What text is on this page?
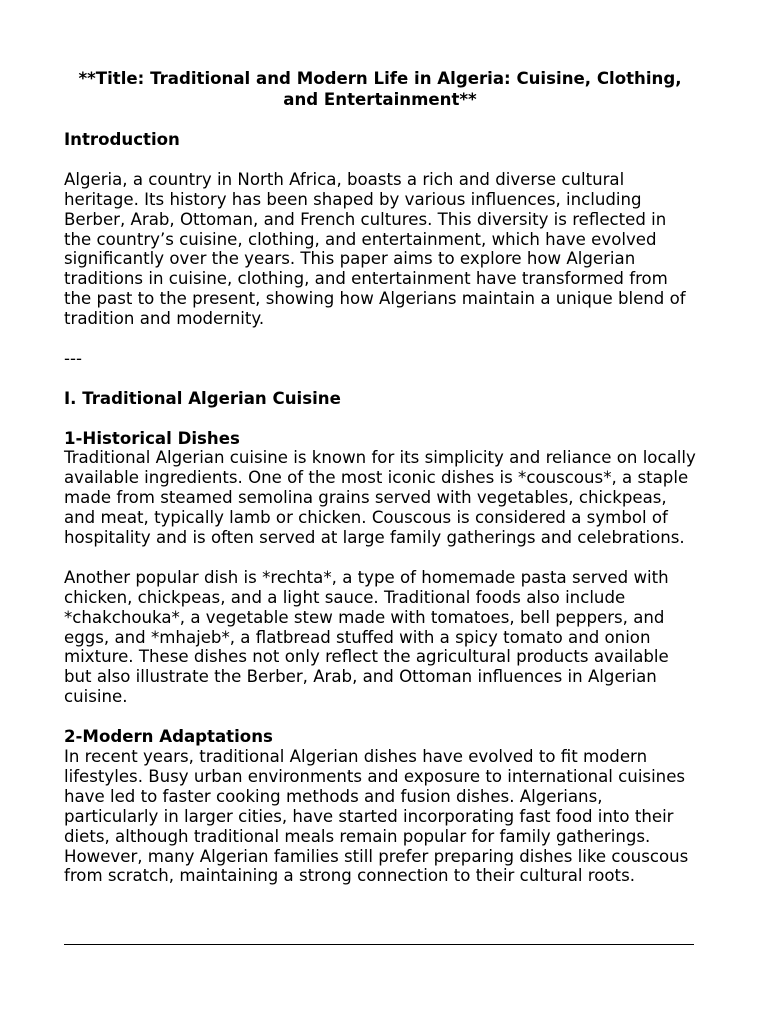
**Title: Traditional and Modern Life in Algeria: Cuisine, Clothing, and Entertainment**

Introduction

Algeria, a country in North Africa, boasts a rich and diverse cultural heritage. Its history has been shaped by various influences, including Berber, Arab, Ottoman, and French cultures. This diversity is reflected in the country’s cuisine, clothing, and entertainment, which have evolved significantly over the years. This paper aims to explore how Algerian traditions in cuisine, clothing, and entertainment have transformed from the past to the present, showing how Algerians maintain a unique blend of tradition and modernity.

---

I. Traditional Algerian Cuisine

1-Historical Dishes

Traditional Algerian cuisine is known for its simplicity and reliance on locally available ingredients. One of the most iconic dishes is *couscous*, a staple made from steamed semolina grains served with vegetables, chickpeas, and meat, typically lamb or chicken. Couscous is considered a symbol of hospitality and is often served at large family gatherings and celebrations.

Another popular dish is *rechta*, a type of homemade pasta served with chicken, chickpeas, and a light sauce. Traditional foods also include *chakchouka*, a vegetable stew made with tomatoes, bell peppers, and eggs, and *mhajeb*, a flatbread stuffed with a spicy tomato and onion mixture. These dishes not only reflect the agricultural products available but also illustrate the Berber, Arab, and Ottoman influences in Algerian cuisine.

2-Modern Adaptations

In recent years, traditional Algerian dishes have evolved to fit modern lifestyles. Busy urban environments and exposure to international cuisines have led to faster cooking methods and fusion dishes. Algerians, particularly in larger cities, have started incorporating fast food into their diets, although traditional meals remain popular for family gatherings. However, many Algerian families still prefer preparing dishes like couscous from scratch, maintaining a strong connection to their cultural roots.
